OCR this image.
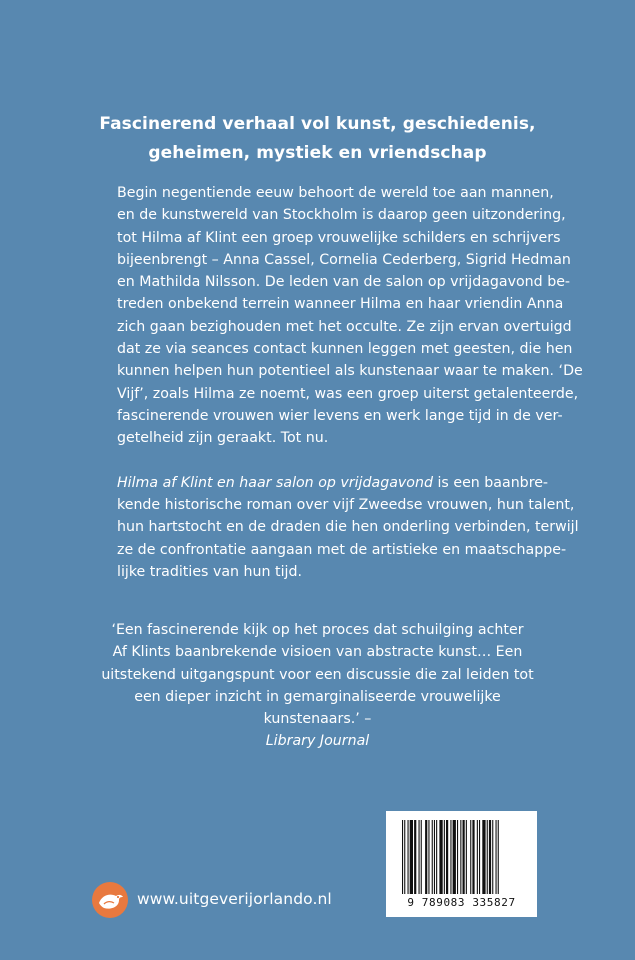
Fascinerend verhaal vol kunst, geschiedenis,
geheimen, mystiek en vriendschap
Begin negentiende eeuw behoort de wereld toe aan mannen,
en de kunstwereld van Stockholm is daarop geen uitzondering,
tot Hilma af Klint een groep vrouwelijke schilders en schrijvers
bijeenbrengt – Anna Cassel, Cornelia Cederberg, Sigrid Hedman
en Mathilda Nilsson. De leden van de salon op vrijdagavond be-
treden onbekend terrein wanneer Hilma en haar vriendin Anna
zich gaan bezighouden met het occulte. Ze zijn ervan overtuigd
dat ze via seances contact kunnen leggen met geesten, die hen
kunnen helpen hun potentieel als kunstenaar waar te maken. ‘De
Vijf’, zoals Hilma ze noemt, was een groep uiterst getalenteerde,
fascinerende vrouwen wier levens en werk lange tijd in de ver-
getelheid zijn geraakt. Tot nu.
Hilma af Klint en haar salon op vrijdagavond is een baanbre-
kende historische roman over vijf Zweedse vrouwen, hun talent,
hun hartstocht en de draden die hen onderling verbinden, terwijl
ze de confrontatie aangaan met de artistieke en maatschappe-
lijke tradities van hun tijd.
‘Een fascinerende kijk op het proces dat schuilging achter
Af Klints baanbrekende visioen van abstracte kunst… Een
uitstekend uitgangspunt voor een discussie die zal leiden tot
een dieper inzicht in gemarginaliseerde vrouwelijke
kunstenaars.’ –
Library Journal
www.uitgeverijorlando.nl	9 789083 335827
